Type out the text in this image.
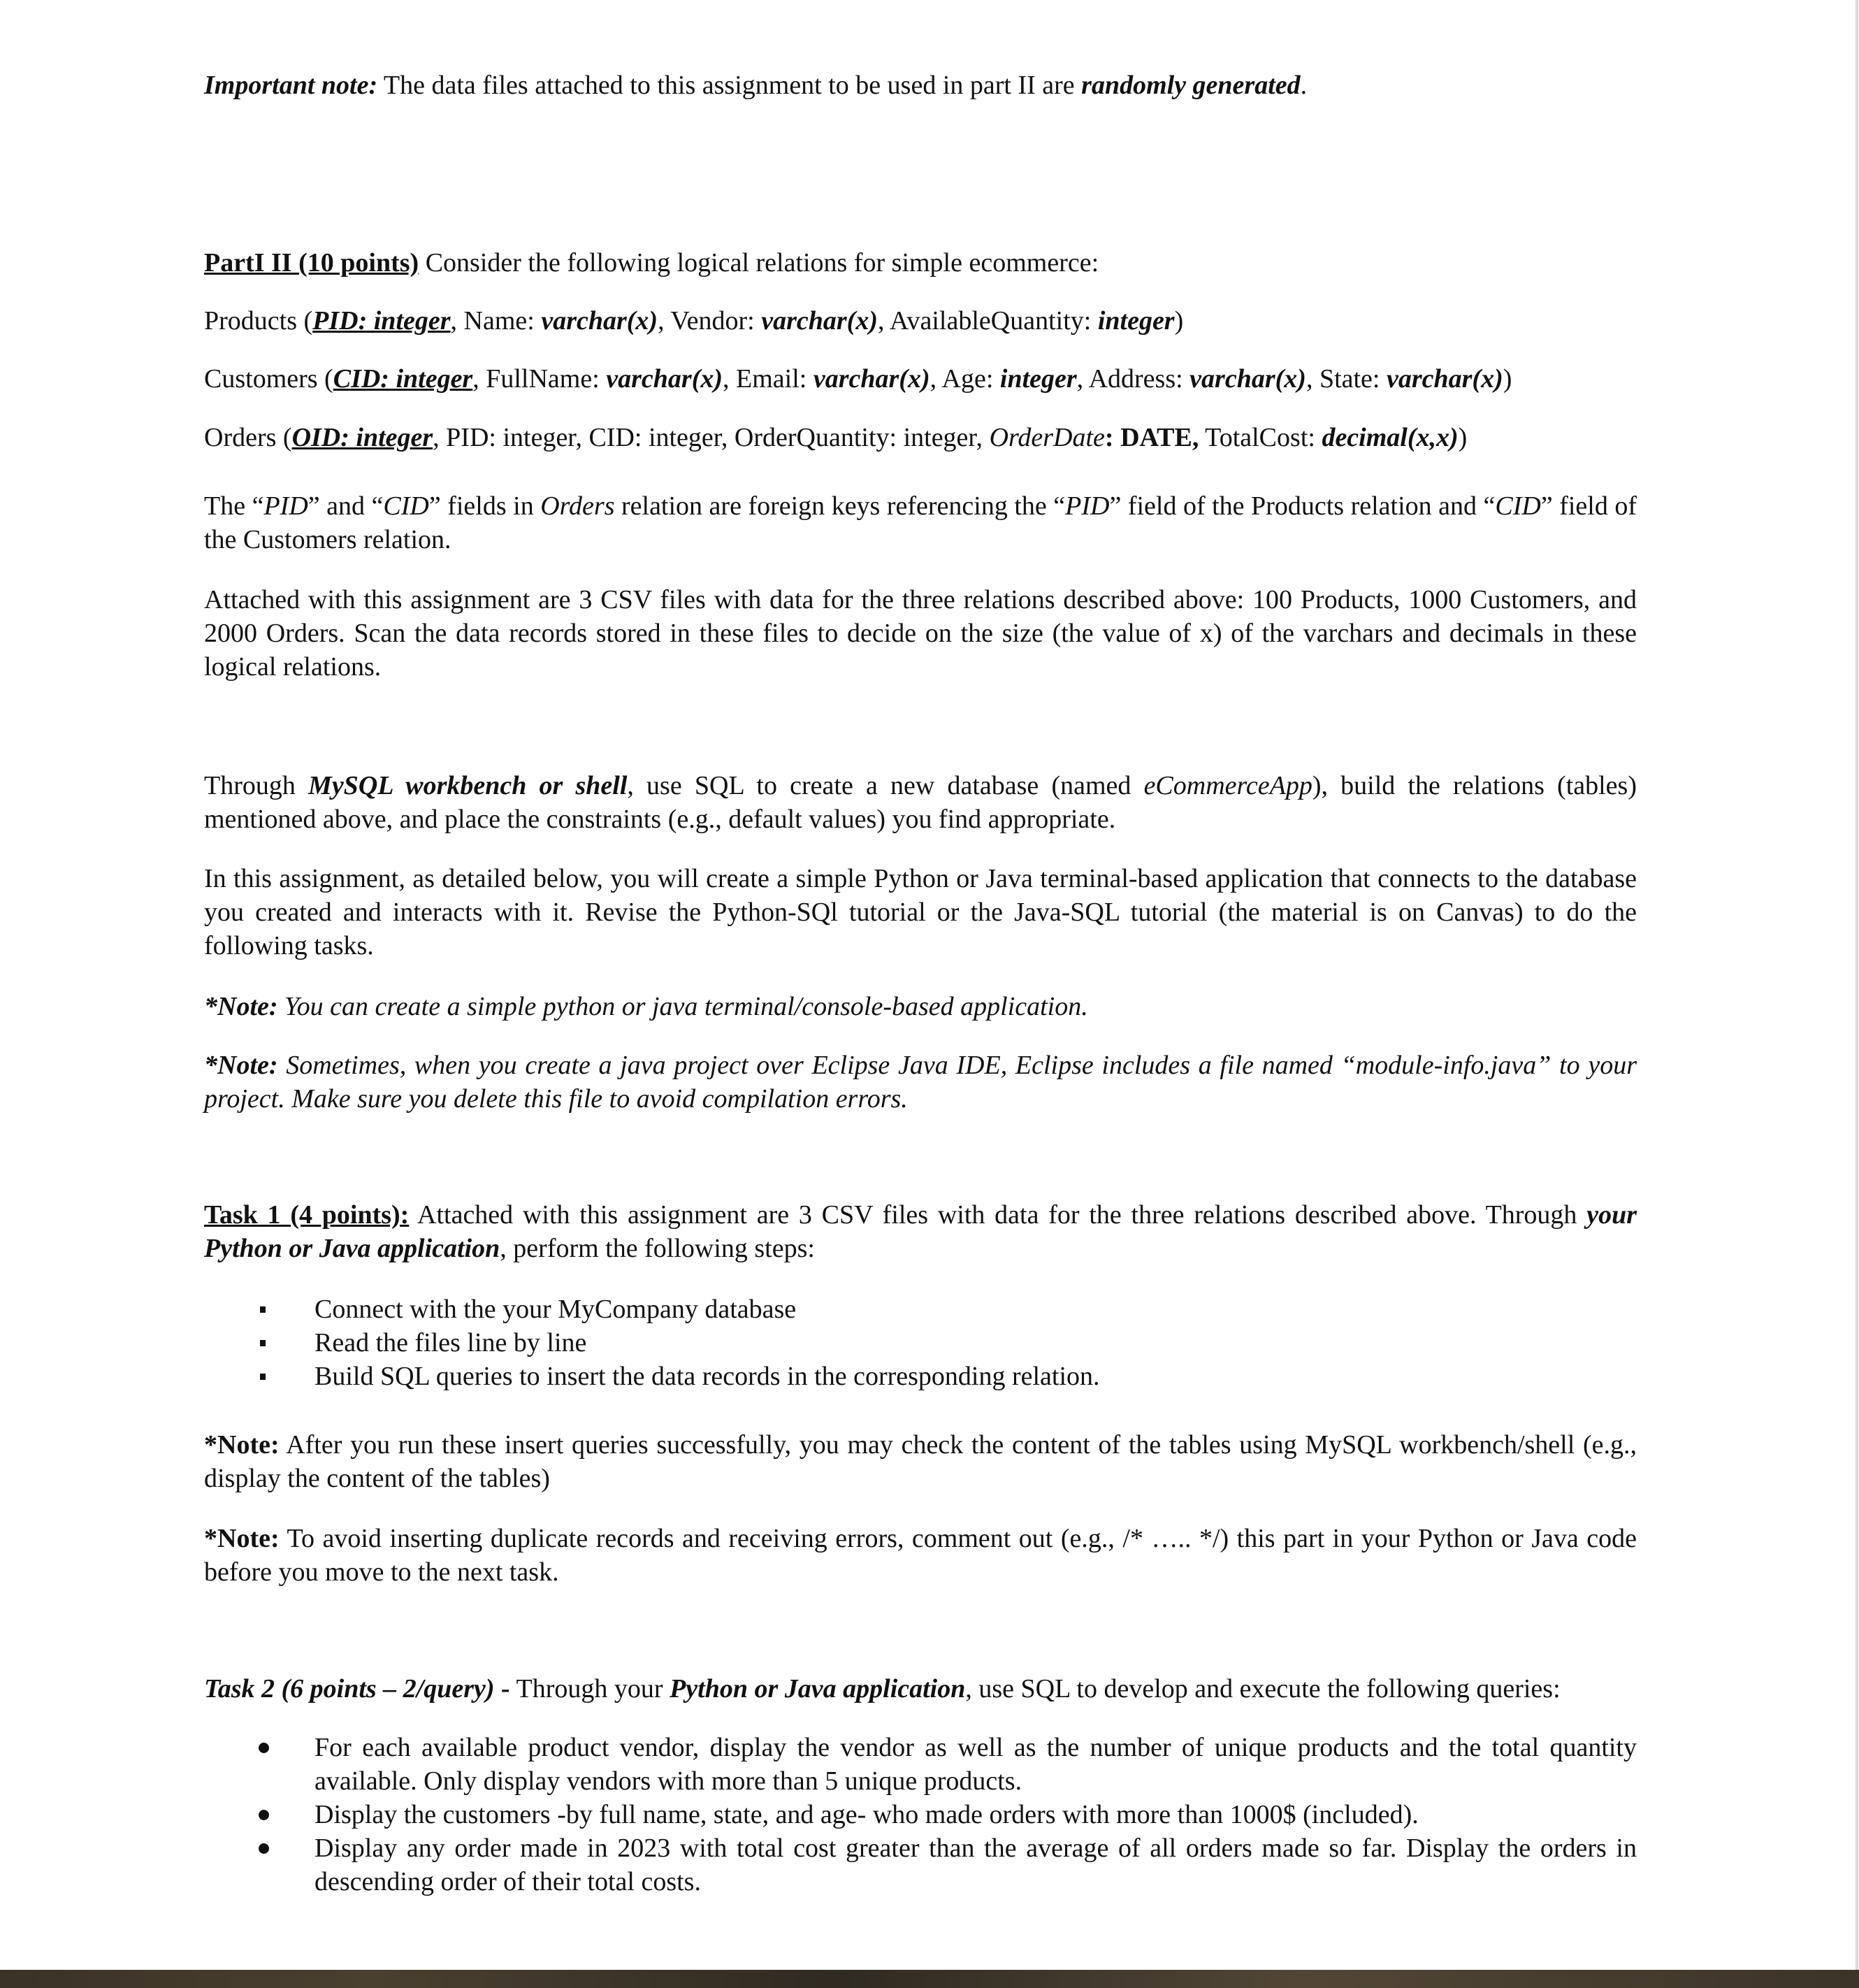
Important note: The data files attached to this assignment to be used in part II are randomly generated.

PartI II (10 points) Consider the following logical relations for simple ecommerce:

Products (PID: integer, Name: varchar(x), Vendor: varchar(x), AvailableQuantity: integer)

Customers (CID: integer, FullName: varchar(x), Email: varchar(x), Age: integer, Address: varchar(x), State: varchar(x))

Orders (OID: integer, PID: integer, CID: integer, OrderQuantity: integer, OrderDate: DATE, TotalCost: decimal(x,x))

The “PID” and “CID” fields in Orders relation are foreign keys referencing the “PID” field of the Products relation and “CID” field of the Customers relation.

Attached with this assignment are 3 CSV files with data for the three relations described above: 100 Products, 1000 Customers, and 2000 Orders. Scan the data records stored in these files to decide on the size (the value of x) of the varchars and decimals in these logical relations.

Through MySQL workbench or shell, use SQL to create a new database (named eCommerceApp), build the relations (tables) mentioned above, and place the constraints (e.g., default values) you find appropriate.

In this assignment, as detailed below, you will create a simple Python or Java terminal-based application that connects to the database you created and interacts with it. Revise the Python-SQl tutorial or the Java-SQL tutorial (the material is on Canvas) to do the following tasks.

*Note: You can create a simple python or java terminal/console-based application.

*Note: Sometimes, when you create a java project over Eclipse Java IDE, Eclipse includes a file named “module-info.java” to your project. Make sure you delete this file to avoid compilation errors.

Task 1 (4 points): Attached with this assignment are 3 CSV files with data for the three relations described above. Through your Python or Java application, perform the following steps:

Connect with the your MyCompany database
Read the files line by line
Build SQL queries to insert the data records in the corresponding relation.

*Note: After you run these insert queries successfully, you may check the content of the tables using MySQL workbench/shell (e.g., display the content of the tables)

*Note: To avoid inserting duplicate records and receiving errors, comment out (e.g., /* ….. */) this part in your Python or Java code before you move to the next task.

Task 2 (6 points – 2/query) - Through your Python or Java application, use SQL to develop and execute the following queries:

For each available product vendor, display the vendor as well as the number of unique products and the total quantity available. Only display vendors with more than 5 unique products.
Display the customers -by full name, state, and age- who made orders with more than 1000$ (included).
Display any order made in 2023 with total cost greater than the average of all orders made so far. Display the orders in descending order of their total costs.
